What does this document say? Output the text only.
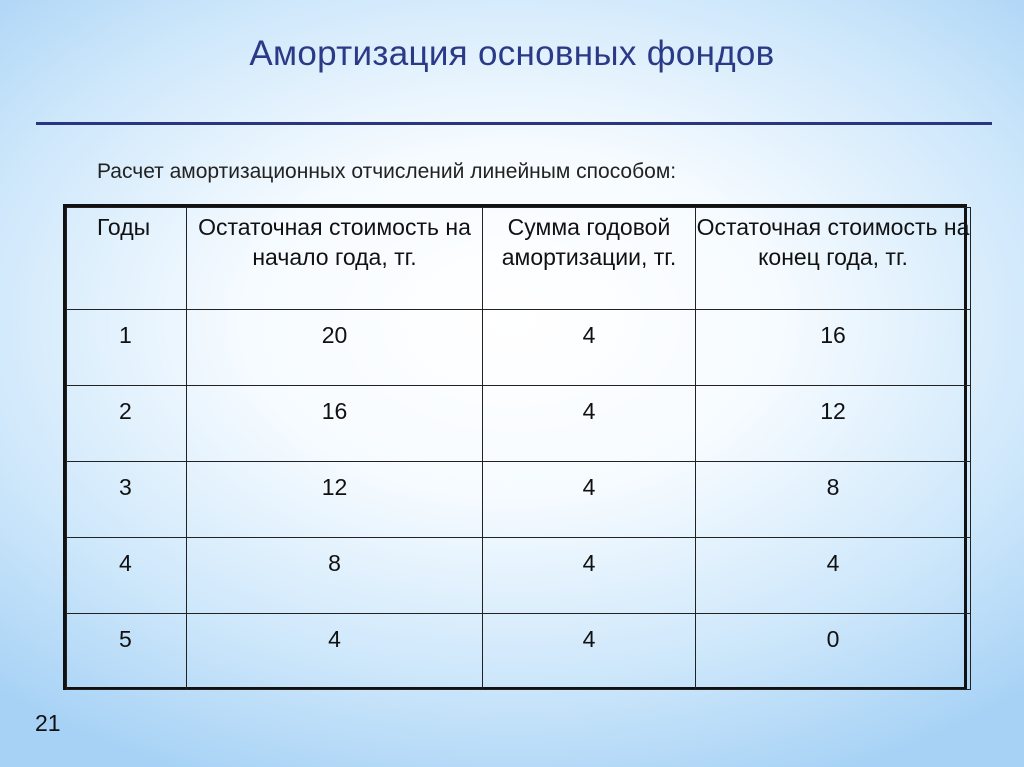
Амортизация основных фондов
Расчет амортизационных отчислений линейным способом:
Годы	Остаточная стоимость на начало года, тг.	Сумма годовой амортизации, тг.	Остаточная стоимость на конец года, тг.
1	20	4	16
2	16	4	12
3	12	4	8
4	8	4	4
5	4	4	0
21
